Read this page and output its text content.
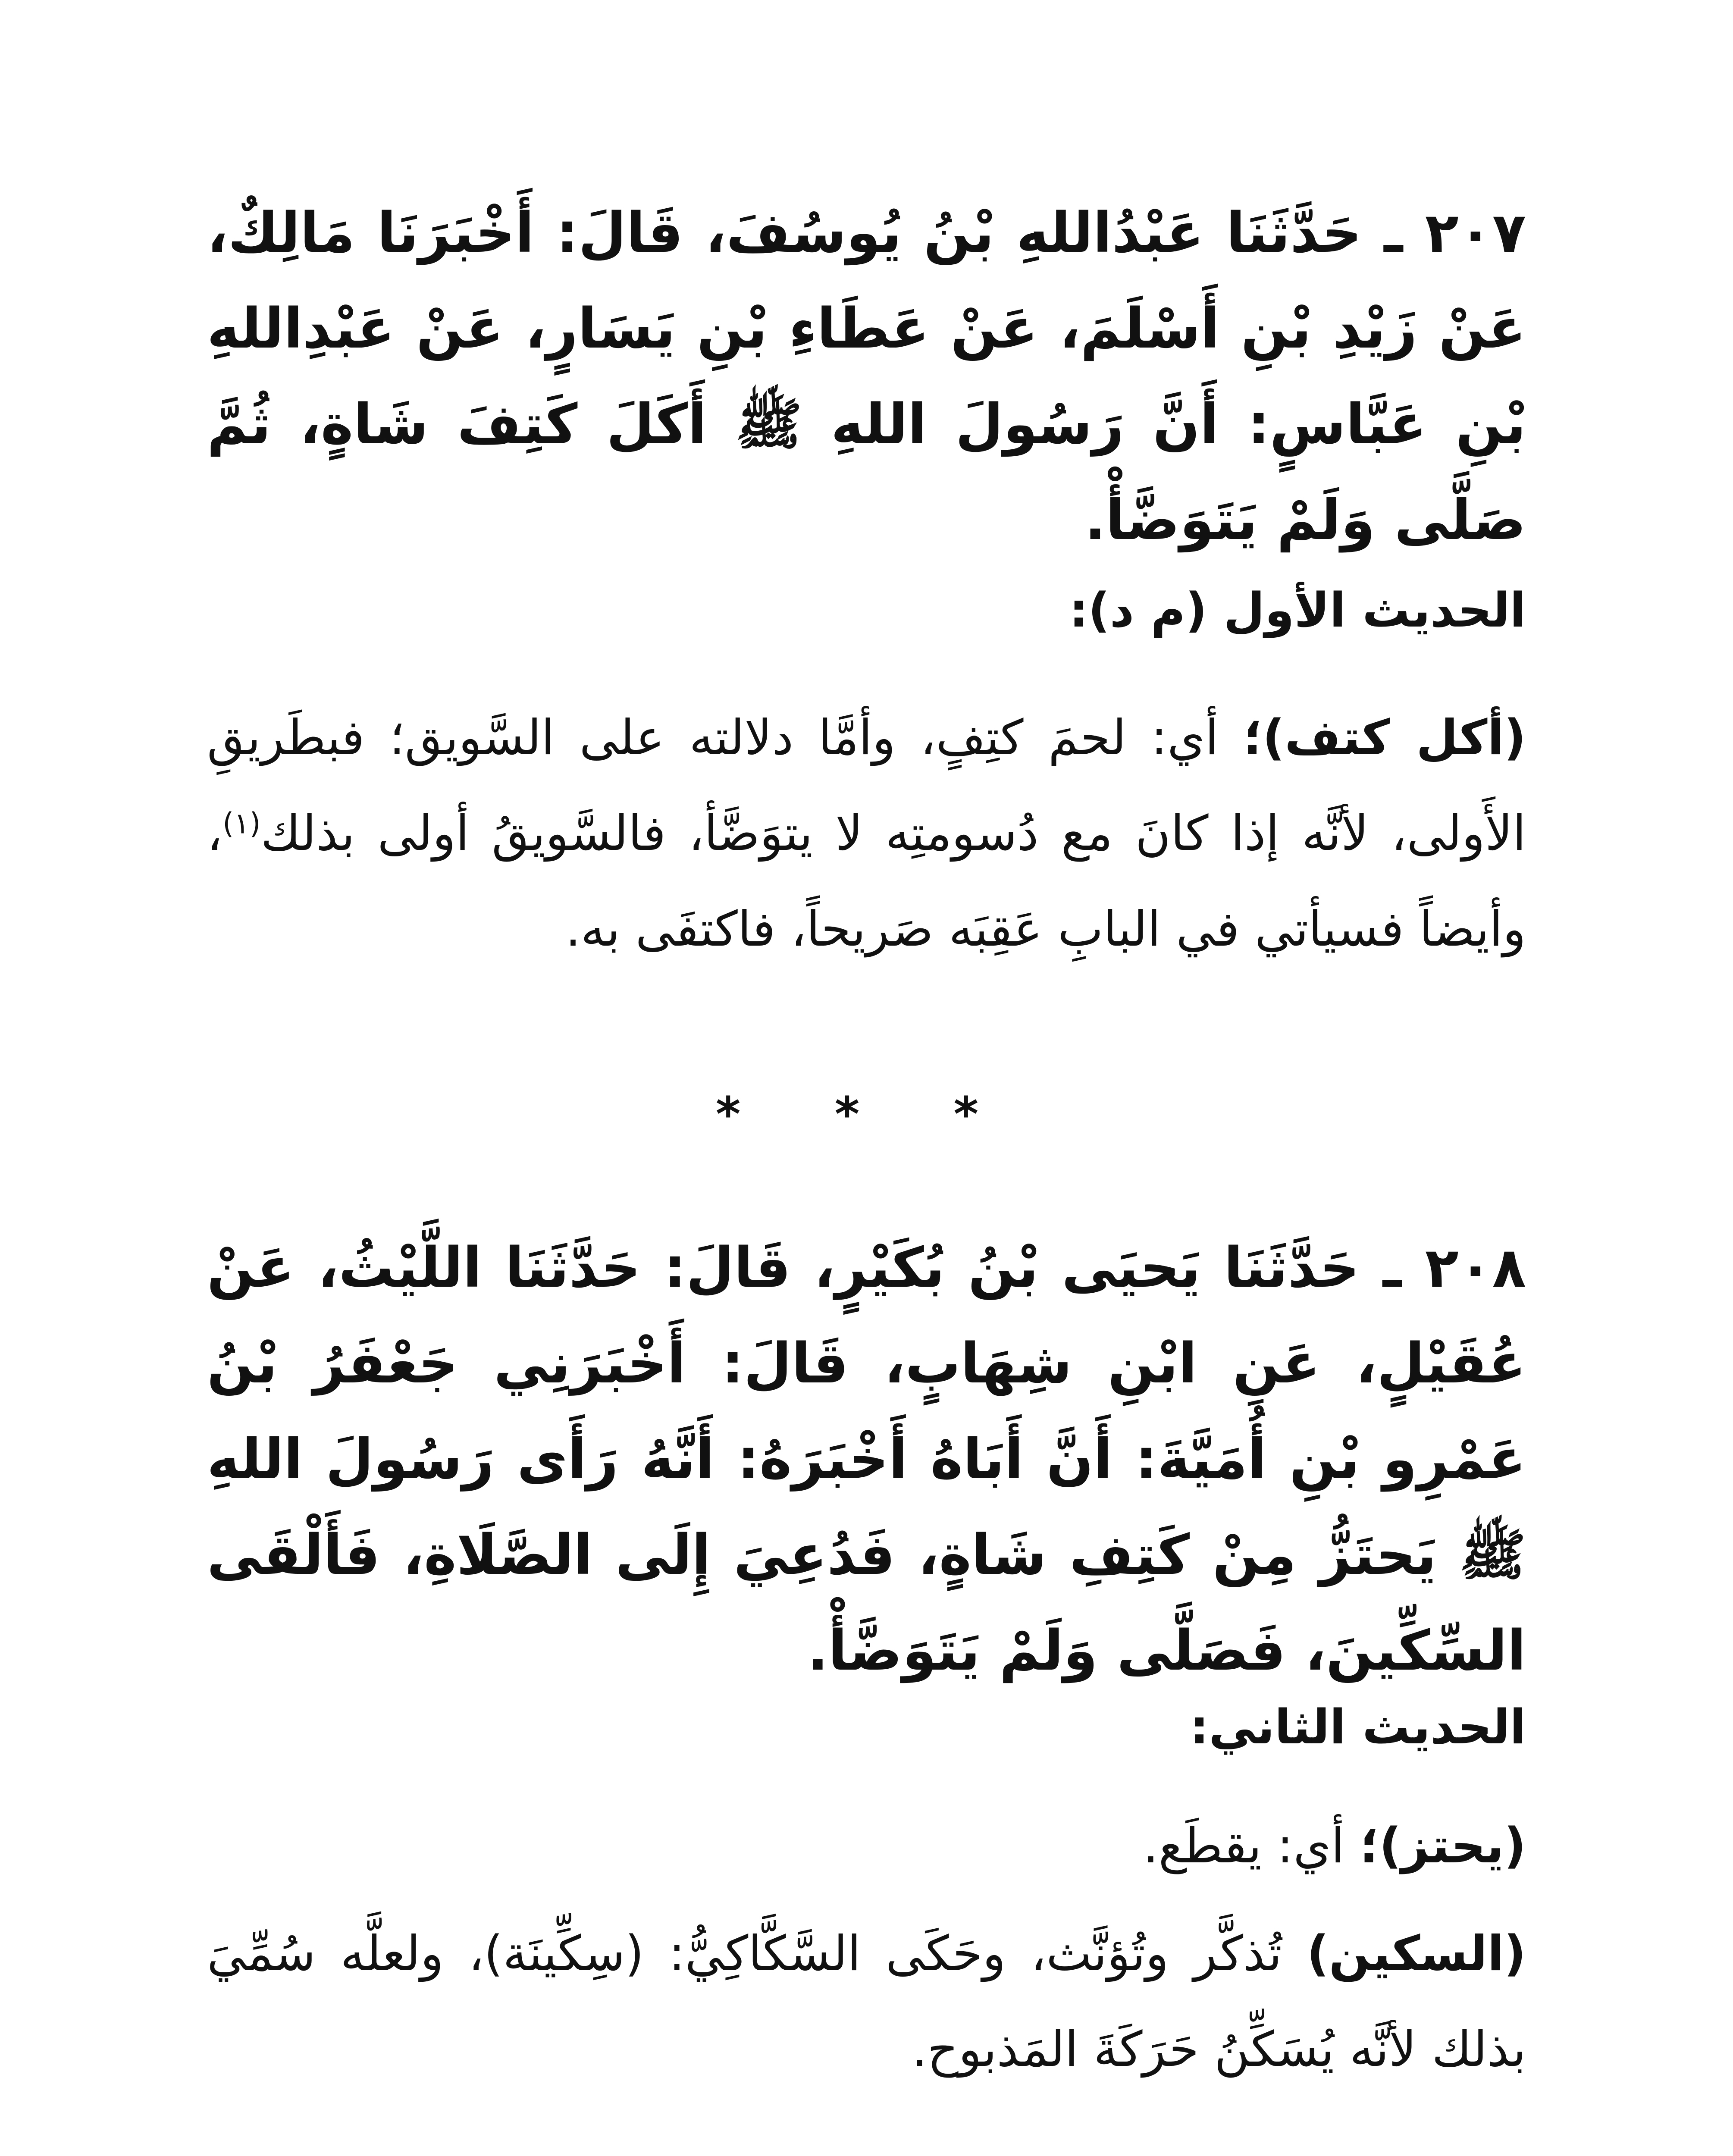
٢٠٧ ـ حَدَّثَنَا عَبْدُاللهِ بْنُ يُوسُفَ، قَالَ: أَخْبَرَنَا مَالِكٌ، عَنْ زَيْدِ بْنِ أَسْلَمَ، عَنْ عَطَاءِ بْنِ يَسَارٍ، عَنْ عَبْدِاللهِ بْنِ عَبَّاسٍ: أَنَّ رَسُولَ اللهِ ﷺ أَكَلَ كَتِفَ شَاةٍ، ثُمَّ صَلَّى وَلَمْ يَتَوَضَّأْ.

الحديث الأول (م د):

(أكل كتف)؛ أي: لحمَ كتِفٍ، وأمَّا دلالته على السَّويق؛ فبطَريقِ الأَولى، لأنَّه إذا كانَ مع دُسومتِه لا يتوَضَّأ، فالسَّويقُ أولى بذلك$^{(١)}$، وأيضاً فسيأتي في البابِ عَقِبَه صَريحاً، فاكتفَى به.

* * *

٢٠٨ ـ حَدَّثَنَا يَحيَى بْنُ بُكَيْرٍ، قَالَ: حَدَّثَنَا اللَّيْثُ، عَنْ عُقَيْلٍ، عَنِ ابْنِ شِهَابٍ، قَالَ: أَخْبَرَنِي جَعْفَرُ بْنُ عَمْرِو بْنِ أُمَيَّةَ: أَنَّ أَبَاهُ أَخْبَرَهُ: أَنَّهُ رَأَى رَسُولَ اللهِ ﷺ يَحتَزُّ مِنْ كَتِفِ شَاةٍ، فَدُعِيَ إِلَى الصَّلَاةِ، فَأَلْقَى السِّكِّينَ، فَصَلَّى وَلَمْ يَتَوَضَّأْ.

الحديث الثاني:

(يحتز)؛ أي: يقطَع.

(السكين) تُذكَّر وتُؤنَّث، وحَكَى السَّكَّاكِيُّ: (سِكِّينَة)، ولعلَّه سُمِّيَ بذلك لأنَّه يُسَكِّنُ حَرَكَةَ المَذبوح.
